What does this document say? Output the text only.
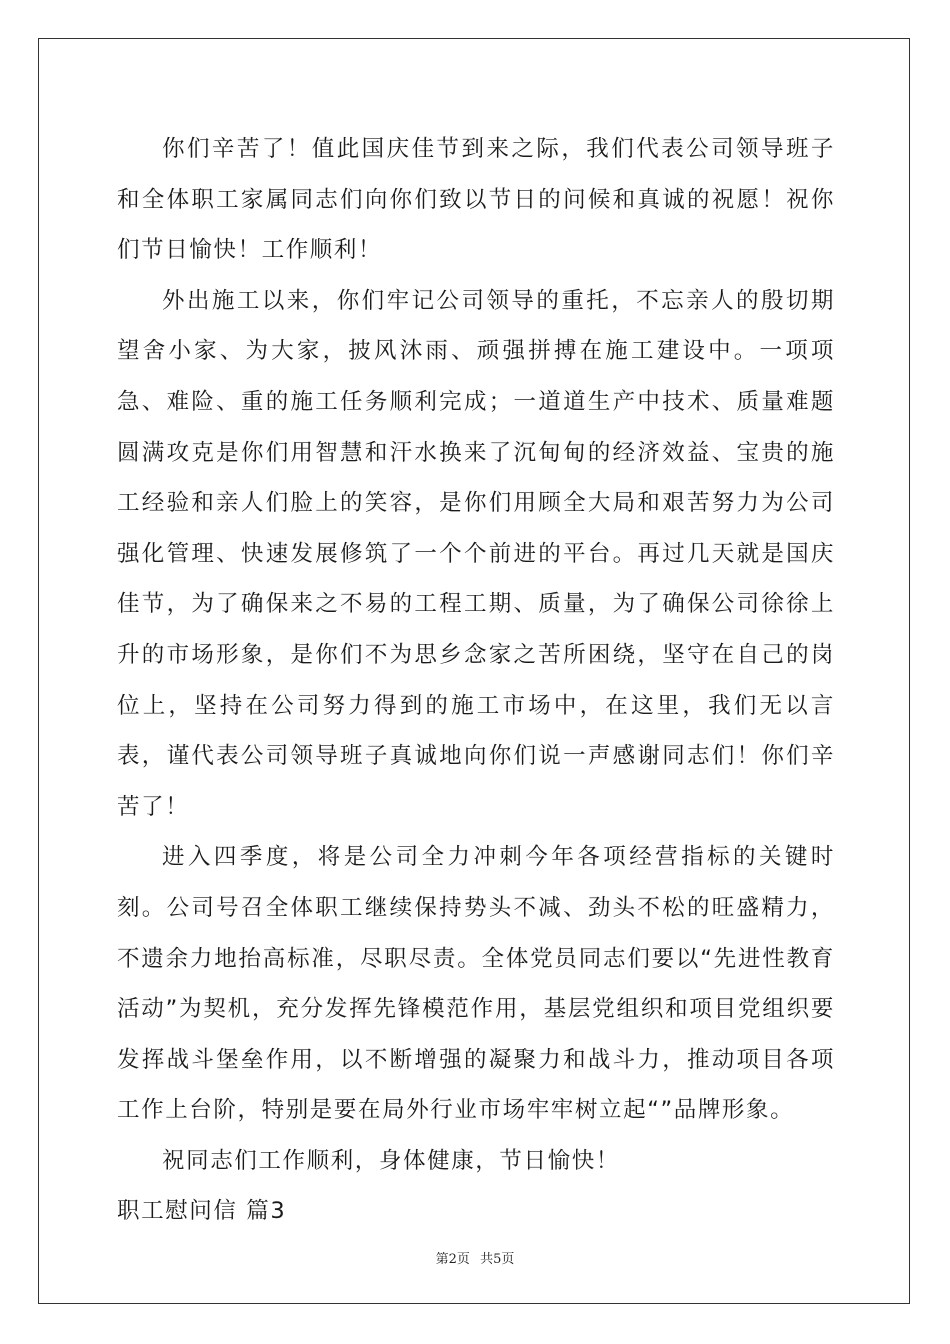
你们辛苦了！值此国庆佳节到来之际，我们代表公司领导班子和全体职工家属同志们向你们致以节日的问候和真诚的祝愿！祝你们节日愉快！工作顺利！

外出施工以来，你们牢记公司领导的重托，不忘亲人的殷切期望舍小家、为大家，披风沐雨、顽强拼搏在施工建设中。一项项急、难险、重的施工任务顺利完成；一道道生产中技术、质量难题圆满攻克是你们用智慧和汗水换来了沉甸甸的经济效益、宝贵的施工经验和亲人们脸上的笑容，是你们用顾全大局和艰苦努力为公司强化管理、快速发展修筑了一个个前进的平台。再过几天就是国庆佳节，为了确保来之不易的工程工期、质量，为了确保公司徐徐上升的市场形象，是你们不为思乡念家之苦所困绕，坚守在自己的岗位上，坚持在公司努力得到的施工市场中，在这里，我们无以言表，谨代表公司领导班子真诚地向你们说一声感谢同志们！你们辛苦了！

进入四季度，将是公司全力冲刺今年各项经营指标的关键时刻。公司号召全体职工继续保持势头不减、劲头不松的旺盛精力，不遗余力地抬高标准，尽职尽责。全体党员同志们要以“先进性教育活动”为契机，充分发挥先锋模范作用，基层党组织和项目党组织要发挥战斗堡垒作用，以不断增强的凝聚力和战斗力，推动项目各项工作上台阶，特别是要在局外行业市场牢牢树立起“”品牌形象。

祝同志们工作顺利，身体健康，节日愉快！

职工慰问信 篇3

第2页 共5页
